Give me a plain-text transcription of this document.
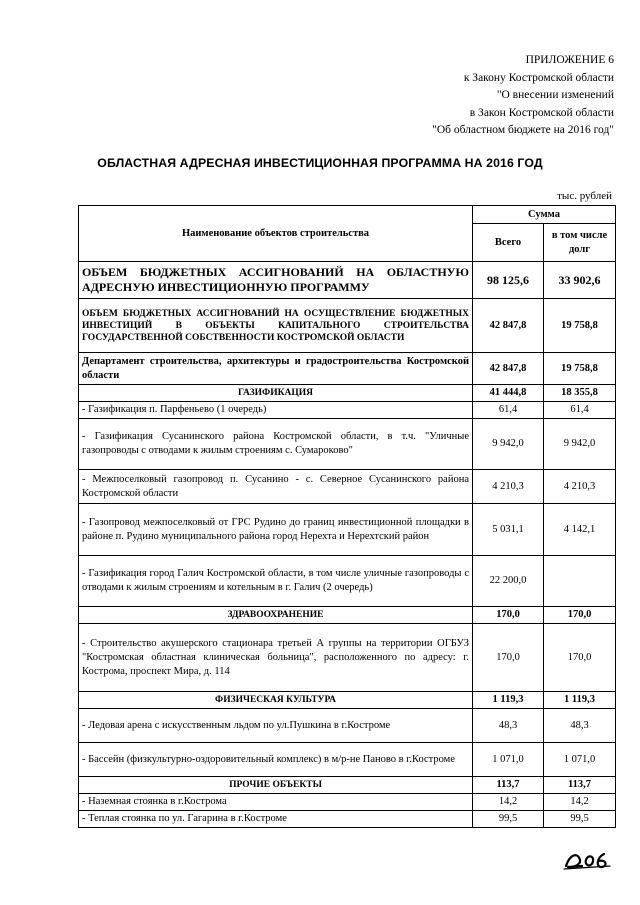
ПРИЛОЖЕНИЕ 6
к Закону Костромской области
"О внесении изменений
в Закон Костромской области
"Об областном бюджете на 2016 год"
ОБЛАСТНАЯ АДРЕСНАЯ ИНВЕСТИЦИОННАЯ ПРОГРАММА НА 2016 ГОД
тыс. рублей
Наименование объектов строительства	Сумма	
	Всего	в том числе долг
ОБЪЕМ БЮДЖЕТНЫХ АССИГНОВАНИЙ НА ОБЛАСТНУЮ АДРЕСНУЮ ИНВЕСТИЦИОННУЮ ПРОГРАММУ	98 125,6	33 902,6
ОБЪЕМ БЮДЖЕТНЫХ АССИГНОВАНИЙ НА ОСУЩЕСТВЛЕНИЕ БЮДЖЕТНЫХ ИНВЕСТИЦИЙ В ОБЪЕКТЫ КАПИТАЛЬНОГО СТРОИТЕЛЬСТВА ГОСУДАРСТВЕННОЙ СОБСТВЕННОСТИ КОСТРОМСКОЙ ОБЛАСТИ	42 847,8	19 758,8
Департамент строительства, архитектуры и градостроительства Костромской области	42 847,8	19 758,8
ГАЗИФИКАЦИЯ	41 444,8	18 355,8
- Газификация п. Парфеньево (1 очередь)	61,4	61,4
- Газификация Сусанинского района Костромской области, в т.ч. "Уличные газопроводы с отводами к жилым строениям с. Сумароково"	9 942,0	9 942,0
- Межпоселковый газопровод п. Сусанино - с. Северное Сусанинского района Костромской области	4 210,3	4 210,3
- Газопровод межпоселковый от ГРС Рудино до границ инвестиционной площадки в районе п. Рудино муниципального района город Нерехта и Нерехтский район	5 031,1	4 142,1
- Газификация город Галич Костромской области, в том числе уличные газопроводы с отводами к жилым строениям и котельным в г. Галич (2 очередь)	22 200,0	
ЗДРАВООХРАНЕНИЕ	170,0	170,0
- Строительство акушерского стационара третьей А группы на территории ОГБУЗ "Костромская областная клиническая больница", расположенного по адресу: г. Кострома, проспект Мира, д. 114	170,0	170,0
ФИЗИЧЕСКАЯ КУЛЬТУРА	1 119,3	1 119,3
- Ледовая арена с искусственным льдом по ул.Пушкина в г.Костроме	48,3	48,3
- Бассейн (физкультурно-оздоровительный комплекс) в м/р-не Паново в г.Костроме	1 071,0	1 071,0
ПРОЧИЕ ОБЪЕКТЫ	113,7	113,7
- Наземная стоянка в г.Кострома	14,2	14,2
- Теплая стоянка по ул. Гагарина в г.Костроме	99,5	99,5
